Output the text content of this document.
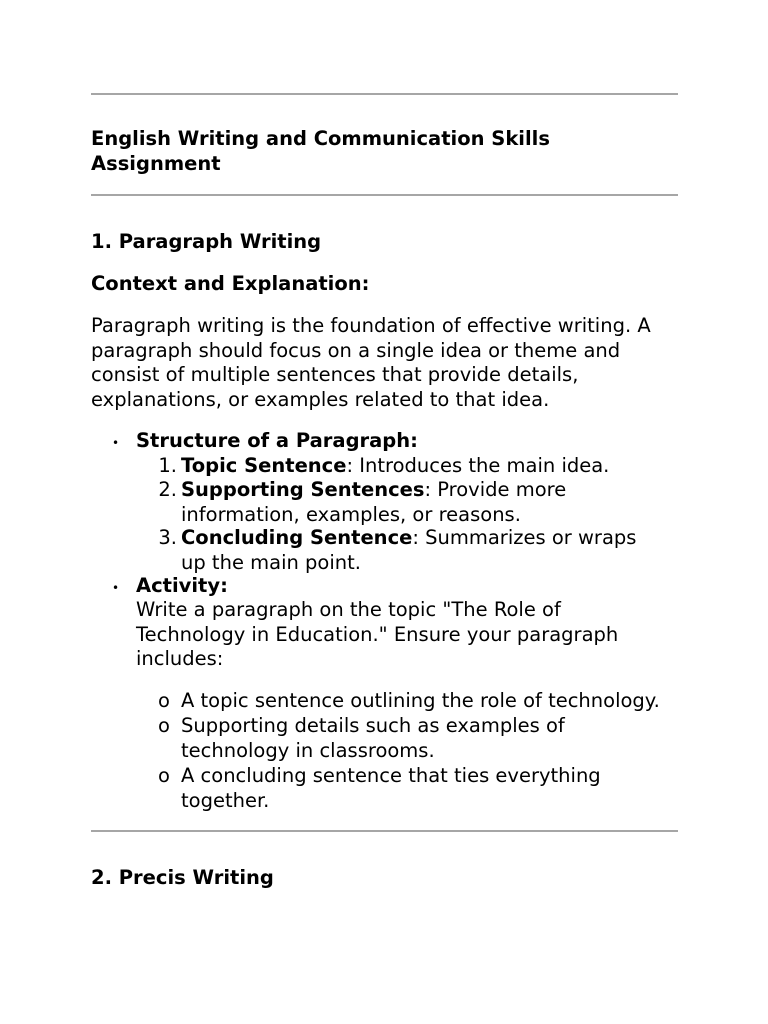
English Writing and Communication Skills Assignment

1. Paragraph Writing

Context and Explanation:

Paragraph writing is the foundation of effective writing. A paragraph should focus on a single idea or theme and consist of multiple sentences that provide details, explanations, or examples related to that idea.

• Structure of a Paragraph:

1. Topic Sentence: Introduces the main idea.

2. Supporting Sentences: Provide more information, examples, or reasons.

3. Concluding Sentence: Summarizes or wraps up the main point.

• Activity:

Write a paragraph on the topic "The Role of Technology in Education." Ensure your paragraph includes:

o A topic sentence outlining the role of technology.

o Supporting details such as examples of technology in classrooms.

o A concluding sentence that ties everything together.

2. Precis Writing
